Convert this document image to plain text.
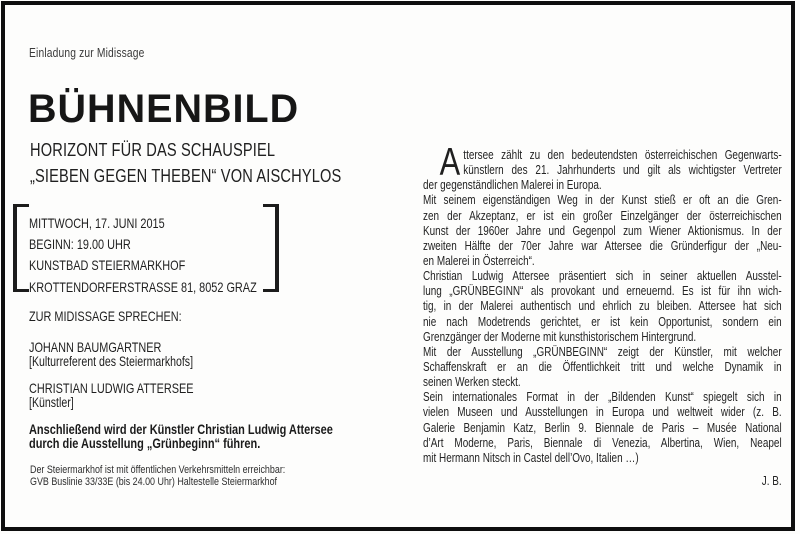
Einladung zur Midissage
BÜHNENBILD
HORIZONT FÜR DAS SCHAUSPIEL
„SIEBEN GEGEN THEBEN“ VON AISCHYLOS
MITTWOCH, 17. JUNI 2015
BEGINN: 19.00 UHR
KUNSTBAD STEIERMARKHOF
KROTTENDORFERSTRASSE 81, 8052 GRAZ
ZUR MIDISSAGE SPRECHEN:
JOHANN BAUMGARTNER
[Kulturreferent des Steiermarkhofs]
CHRISTIAN LUDWIG ATTERSEE
[Künstler]
Anschließend wird der Künstler Christian Ludwig Attersee
durch die Ausstellung „Grünbeginn“ führen.
Der Steiermarkhof ist mit öffentlichen Verkehrsmitteln erreichbar:
GVB Buslinie 33/33E (bis 24.00 Uhr) Haltestelle Steiermarkhof
A ttersee zählt zu den bedeutendsten österreichischen Gegenwarts-
künstlern des 21. Jahrhunderts und gilt als wichtigster Vertreter
der gegenständlichen Malerei in Europa.
Mit seinem eigenständigen Weg in der Kunst stieß er oft an die Gren-
zen der Akzeptanz, er ist ein großer Einzelgänger der österreichischen
Kunst der 1960er Jahre und Gegenpol zum Wiener Aktionismus. In der
zweiten Hälfte der 70er Jahre war Attersee die Gründerfigur der „Neu-
en Malerei in Österreich“.
Christian Ludwig Attersee präsentiert sich in seiner aktuellen Ausstel-
lung „GRÜNBEGINN“ als provokant und erneuernd. Es ist für ihn wich-
tig, in der Malerei authentisch und ehrlich zu bleiben. Attersee hat sich
nie nach Modetrends gerichtet, er ist kein Opportunist, sondern ein
Grenzgänger der Moderne mit kunsthistorischem Hintergrund.
Mit der Ausstellung „GRÜNBEGINN“ zeigt der Künstler, mit welcher
Schaffenskraft er an die Öffentlichkeit tritt und welche Dynamik in
seinen Werken steckt.
Sein internationales Format in der „Bildenden Kunst“ spiegelt sich in
vielen Museen und Ausstellungen in Europa und weltweit wider (z. B.
Galerie Benjamin Katz, Berlin 9. Biennale de Paris – Musée National
d’Art Moderne, Paris, Biennale di Venezia, Albertina, Wien, Neapel
mit Hermann Nitsch in Castel dell’Ovo, Italien …)
J. B.
